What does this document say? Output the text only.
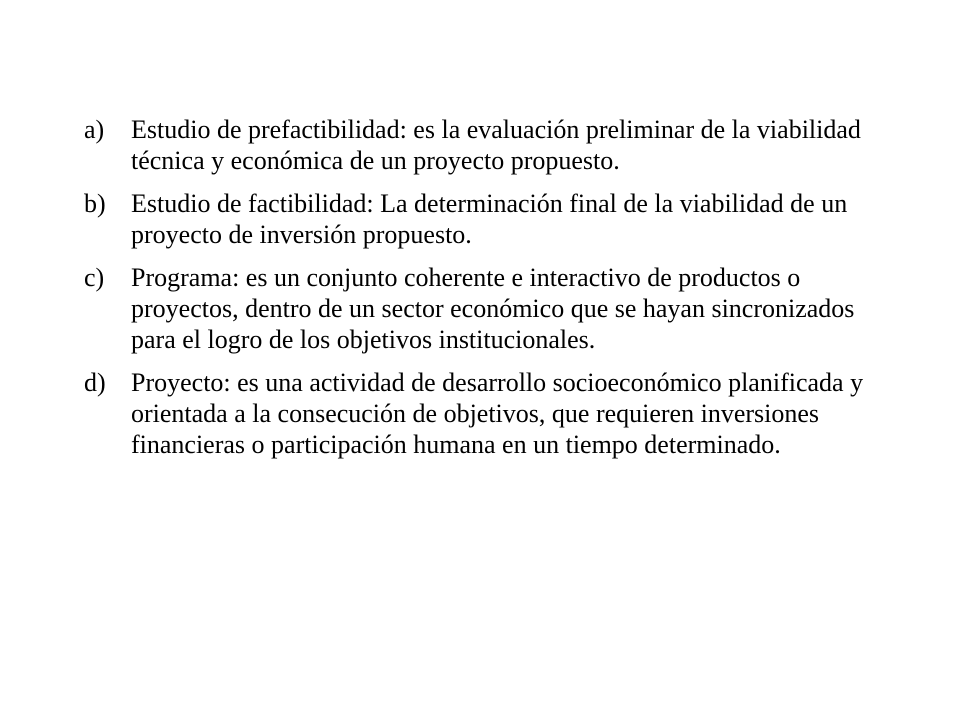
a) Estudio de prefactibilidad: es la evaluación preliminar de la viabilidad técnica y económica de un proyecto propuesto.
b) Estudio de factibilidad: La determinación final de la viabilidad de un proyecto de inversión propuesto.
c) Programa: es un conjunto coherente e interactivo de productos o proyectos, dentro de un sector económico que se hayan sincronizados para el logro de los objetivos institucionales.
d) Proyecto: es una actividad de desarrollo socioeconómico planificada y orientada a la consecución de objetivos, que requieren inversiones financieras o participación humana en un tiempo determinado.
